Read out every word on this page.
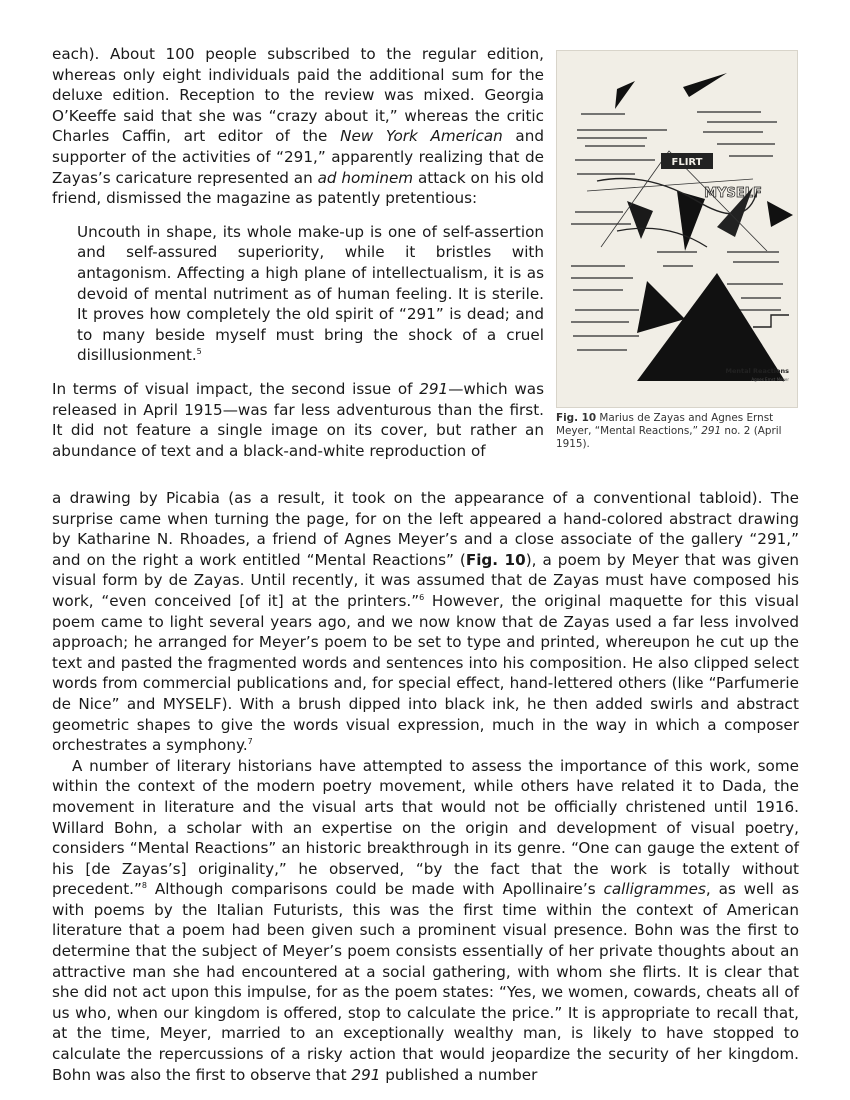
each). About 100 people subscribed to the regular edition, whereas only eight individuals paid the additional sum for the deluxe edition. Reception to the review was mixed. Georgia O’Keeffe said that she was “crazy about it,” whereas the critic Charles Caffin, art editor of the New York American and supporter of the activities of “291,” apparently realizing that de Zayas’s caricature represented an ad hominem attack on his old friend, dismissed the magazine as patently pretentious:

Uncouth in shape, its whole make-up is one of self-assertion and self-assured superiority, while it bristles with antagonism. Affecting a high plane of intellectualism, it is as devoid of mental nutriment as of human feeling. It is sterile. It proves how completely the old spirit of “291” is dead; and to many beside myself must bring the shock of a cruel disillusionment.$^5$

In terms of visual impact, the second issue of 291—which was released in April 1915—was far less adventurous than the first. It did not feature a single image on its cover, but rather an abundance of text and a black-and-white reproduction of

FLIRT
MYSELF
Mental Reactions
Agnes Ernst Meyer
Fig. 10 Marius de Zayas and Agnes Ernst Meyer, “Mental Reactions,” 291 no. 2 (April 1915).

a drawing by Picabia (as a result, it took on the appearance of a conventional tabloid). The surprise came when turning the page, for on the left appeared a hand-colored abstract drawing by Katharine N. Rhoades, a friend of Agnes Meyer’s and a close associate of the gallery “291,” and on the right a work entitled “Mental Reactions” (Fig. 10), a poem by Meyer that was given visual form by de Zayas. Until recently, it was assumed that de Zayas must have composed his work, “even conceived [of it] at the printers.”$^6$ However, the original maquette for this visual poem came to light several years ago, and we now know that de Zayas used a far less involved approach; he arranged for Meyer’s poem to be set to type and printed, whereupon he cut up the text and pasted the fragmented words and sentences into his composition. He also clipped select words from commercial publications and, for special effect, hand-lettered others (like “Parfumerie de Nice” and MYSELF). With a brush dipped into black ink, he then added swirls and abstract geometric shapes to give the words visual expression, much in the way in which a composer orchestrates a symphony.$^7$

A number of literary historians have attempted to assess the importance of this work, some within the context of the modern poetry movement, while others have related it to Dada, the movement in literature and the visual arts that would not be officially christened until 1916. Willard Bohn, a scholar with an expertise on the origin and development of visual poetry, considers “Mental Reactions” an historic breakthrough in its genre. “One can gauge the extent of his [de Zayas’s] originality,” he observed, “by the fact that the work is totally without precedent.”$^8$ Although comparisons could be made with Apollinaire’s calligrammes, as well as with poems by the Italian Futurists, this was the first time within the context of American literature that a poem had been given such a prominent visual presence. Bohn was the first to determine that the subject of Meyer’s poem consists essentially of her private thoughts about an attractive man she had encountered at a social gathering, with whom she flirts. It is clear that she did not act upon this impulse, for as the poem states: “Yes, we women, cowards, cheats all of us who, when our kingdom is offered, stop to calculate the price.” It is appropriate to recall that, at the time, Meyer, married to an exceptionally wealthy man, is likely to have stopped to calculate the repercussions of a risky action that would jeopardize the security of her kingdom. Bohn was also the first to observe that 291 published a number
